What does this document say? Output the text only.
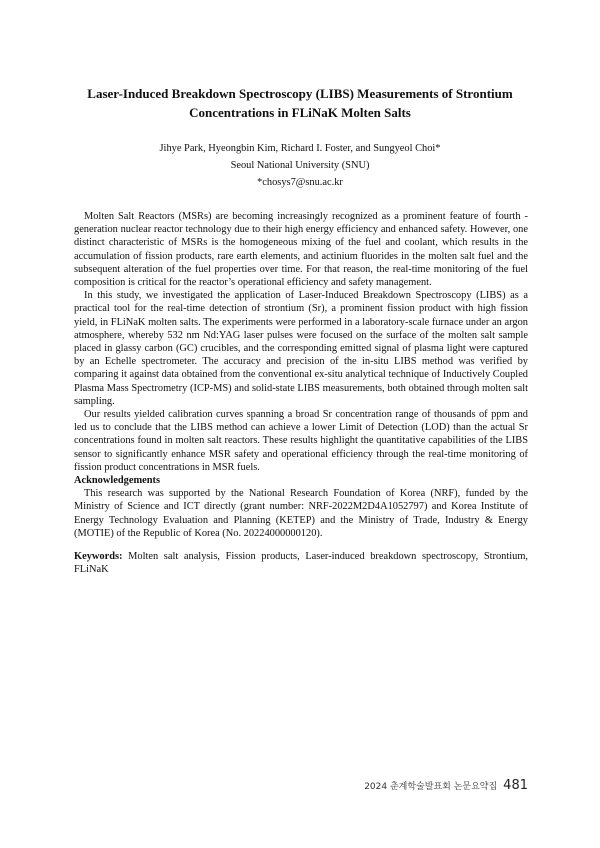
Laser-Induced Breakdown Spectroscopy (LIBS) Measurements of Strontium
Concentrations in FLiNaK Molten Salts

Jihye Park, Hyeongbin Kim, Richard I. Foster, and Sungyeol Choi*

Seoul National University (SNU)

*chosys7@snu.ac.kr

Molten Salt Reactors (MSRs) are becoming increasingly recognized as a prominent feature of fourth -generation nuclear reactor technology due to their high energy efficiency and enhanced safety. However, one distinct characteristic of MSRs is the homogeneous mixing of the fuel and coolant, which results in the accumulation of fission products, rare earth elements, and actinium fluorides in the molten salt fuel and the subsequent alteration of the fuel properties over time. For that reason, the real-time monitoring of the fuel composition is critical for the reactor’s operational efficiency and safety management.

In this study, we investigated the application of Laser-Induced Breakdown Spectroscopy (LIBS) as a practical tool for the real-time detection of strontium (Sr), a prominent fission product with high fission yield, in FLiNaK molten salts. The experiments were performed in a laboratory-scale furnace under an argon atmosphere, whereby 532 nm Nd:YAG laser pulses were focused on the surface of the molten salt sample placed in glassy carbon (GC) crucibles, and the corresponding emitted signal of plasma light were captured by an Echelle spectrometer. The accuracy and precision of the in-situ LIBS method was verified by comparing it against data obtained from the conventional ex-situ analytical technique of Inductively Coupled Plasma Mass Spectrometry (ICP-MS) and solid-state LIBS measurements, both obtained through molten salt sampling.

Our results yielded calibration curves spanning a broad Sr concentration range of thousands of ppm and led us to conclude that the LIBS method can achieve a lower Limit of Detection (LOD) than the actual Sr concentrations found in molten salt reactors. These results highlight the quantitative capabilities of the LIBS sensor to significantly enhance MSR safety and operational efficiency through the real-time monitoring of fission product concentrations in MSR fuels.

Acknowledgements

This research was supported by the National Research Foundation of Korea (NRF), funded by the Ministry of Science and ICT directly (grant number: NRF-2022M2D4A1052797) and Korea Institute of Energy Technology Evaluation and Planning (KETEP) and the Ministry of Trade, Industry & Energy (MOTIE) of the Republic of Korea (No. 20224000000120).

Keywords: Molten salt analysis, Fission products, Laser-induced breakdown spectroscopy, Strontium, FLiNaK

2024 춘계학술발표회 논문요약집 481
